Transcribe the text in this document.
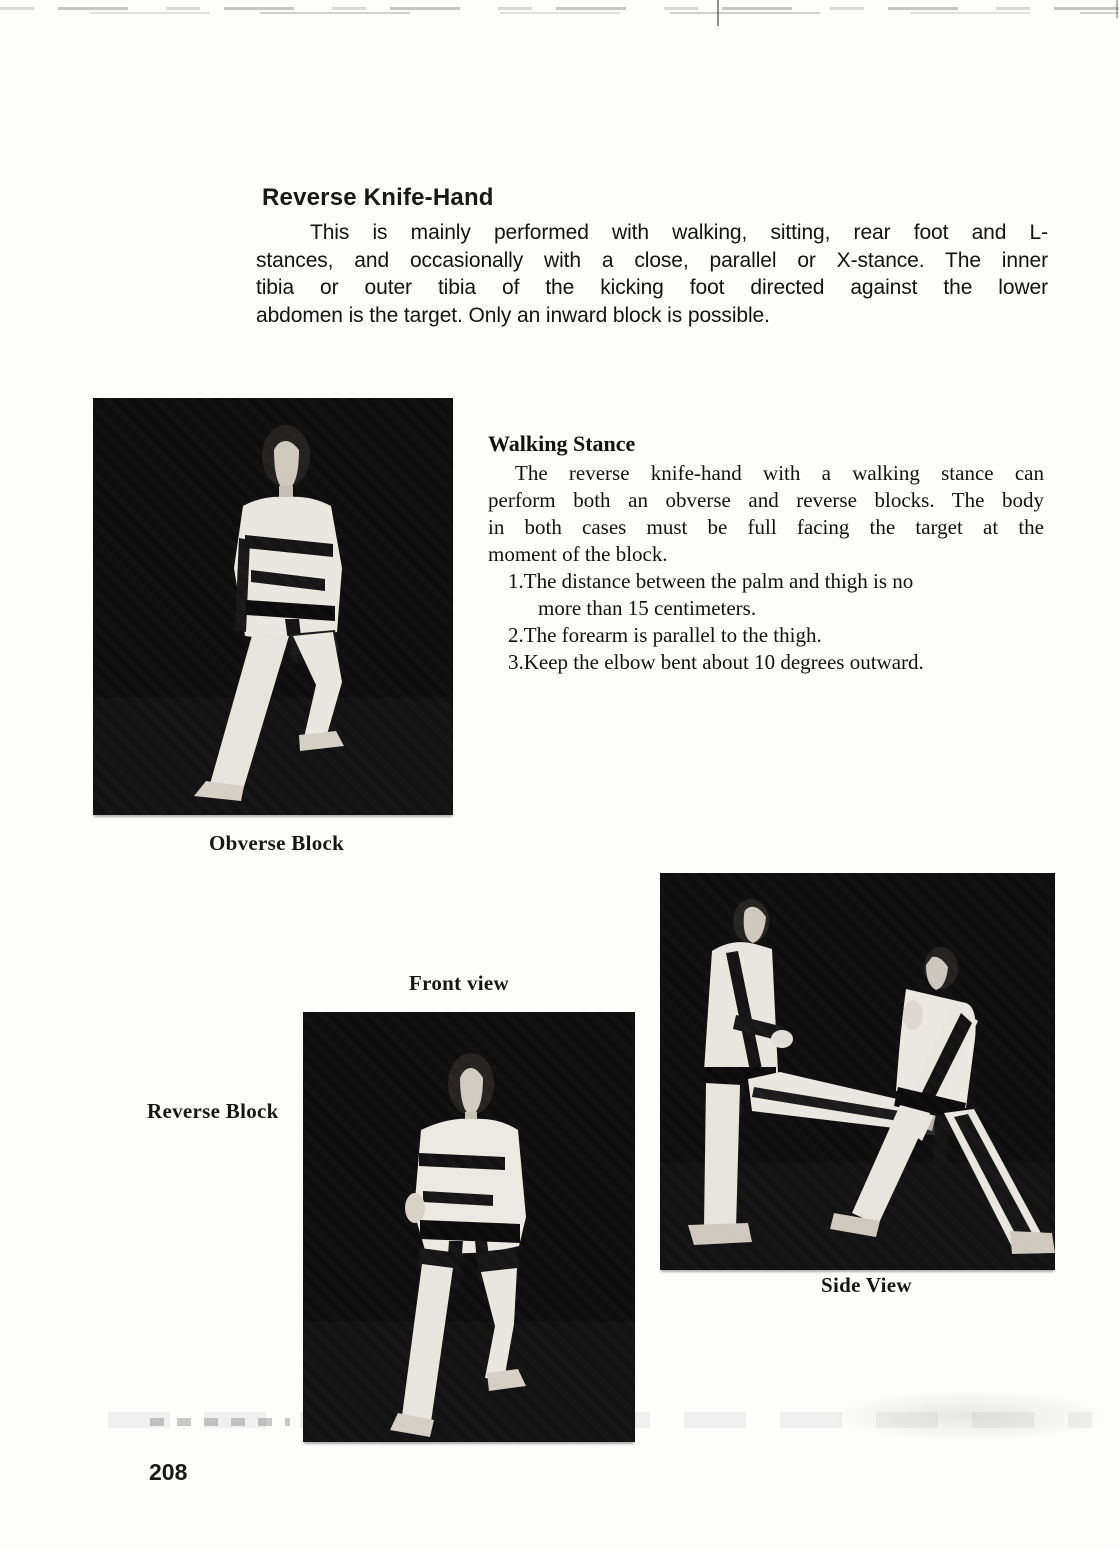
Reverse Knife-Hand
This is mainly performed with walking, sitting, rear foot and L-
stances, and occasionally with a close, parallel or X-stance. The inner
tibia or outer tibia of the kicking foot directed against the lower
abdomen is the target. Only an inward block is possible.
Obverse Block
Walking Stance
The reverse knife-hand with a walking stance can
perform both an obverse and reverse blocks. The body
in both cases must be full facing the target at the
moment of the block.
1.The distance between the palm and thigh is no
more than 15 centimeters.
2.The forearm is parallel to the thigh.
3.Keep the elbow bent about 10 degrees outward.
Front view
Reverse Block
Side View
208
